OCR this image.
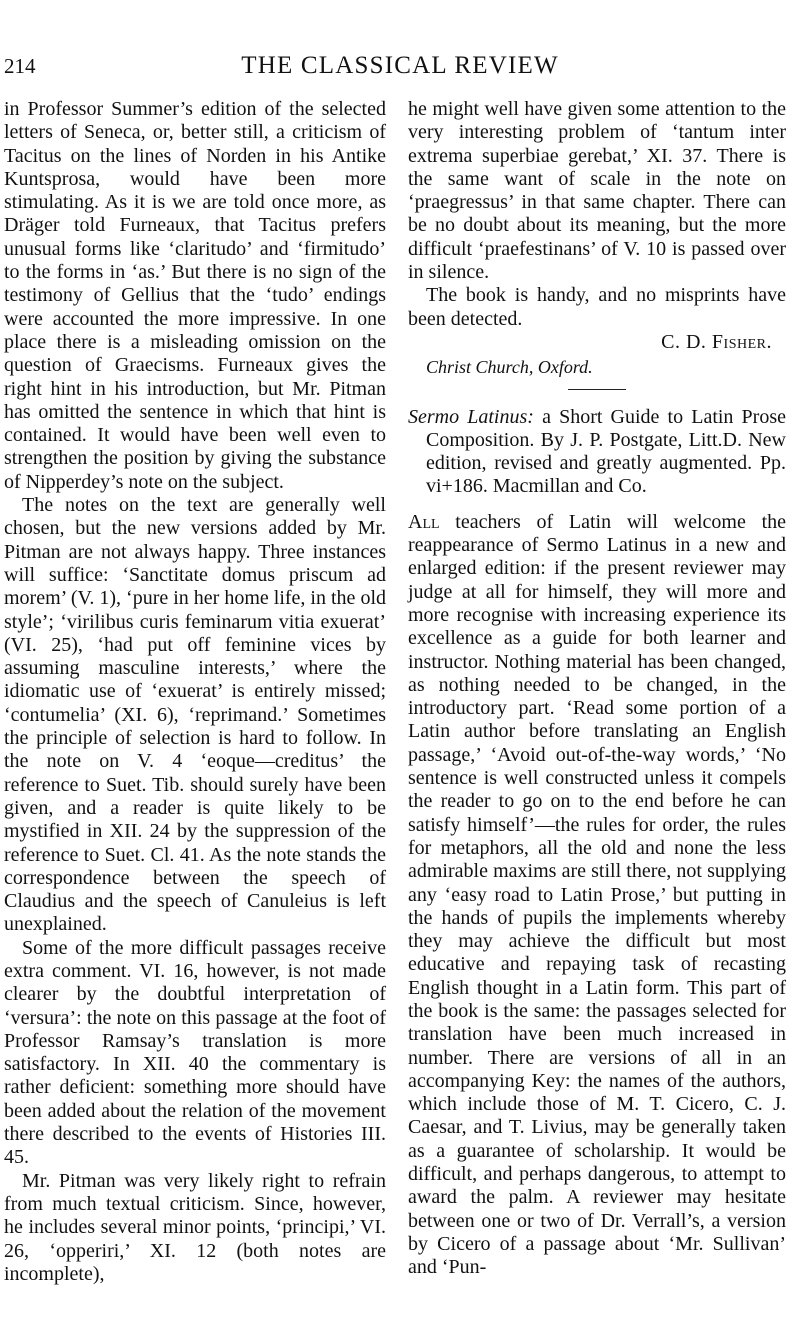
214	THE CLASSICAL REVIEW

in Professor Summer’s edition of the selected letters of Seneca, or, better still, a criticism of Tacitus on the lines of Norden in his Antike Kuntsprosa, would have been more stimulating. As it is we are told once more, as Dräger told Furneaux, that Tacitus prefers unusual forms like ‘claritudo’ and ‘firmitudo’ to the forms in ‘as.’ But there is no sign of the testimony of Gellius that the ‘tudo’ endings were accounted the more impressive. In one place there is a misleading omission on the question of Graecisms. Furneaux gives the right hint in his introduction, but Mr. Pitman has omitted the sentence in which that hint is contained. It would have been well even to strengthen the position by giving the substance of Nipperdey’s note on the subject.

The notes on the text are generally well chosen, but the new versions added by Mr. Pitman are not always happy. Three instances will suffice: ‘Sanctitate domus priscum ad morem’ (V. 1), ‘pure in her home life, in the old style’; ‘virilibus curis feminarum vitia exuerat’ (VI. 25), ‘had put off feminine vices by assuming masculine interests,’ where the idiomatic use of ‘exuerat’ is entirely missed; ‘contumelia’ (XI. 6), ‘reprimand.’ Sometimes the principle of selection is hard to follow. In the note on V. 4 ‘eoque—creditus’ the reference to Suet. Tib. should surely have been given, and a reader is quite likely to be mystified in XII. 24 by the suppression of the reference to Suet. Cl. 41. As the note stands the correspondence between the speech of Claudius and the speech of Canuleius is left unexplained.

Some of the more difficult passages receive extra comment. VI. 16, however, is not made clearer by the doubtful interpretation of ‘versura’: the note on this passage at the foot of Professor Ramsay’s translation is more satisfactory. In XII. 40 the commentary is rather deficient: something more should have been added about the relation of the movement there described to the events of Histories III. 45.

Mr. Pitman was very likely right to refrain from much textual criticism. Since, however, he includes several minor points, ‘principi,’ VI. 26, ‘opperiri,’ XI. 12 (both notes are incomplete),

he might well have given some attention to the very interesting problem of ‘tantum inter extrema superbiae gerebat,’ XI. 37. There is the same want of scale in the note on ‘praegressus’ in that same chapter. There can be no doubt about its meaning, but the more difficult ‘praefestinans’ of V. 10 is passed over in silence.

The book is handy, and no misprints have been detected.

C. D. Fisher.

Christ Church, Oxford.

Sermo Latinus: a Short Guide to Latin Prose Composition. By J. P. Postgate, Litt.D. New edition, revised and greatly augmented. Pp. vi+186. Macmillan and Co.

All teachers of Latin will welcome the reappearance of Sermo Latinus in a new and enlarged edition: if the present reviewer may judge at all for himself, they will more and more recognise with increasing experience its excellence as a guide for both learner and instructor. Nothing material has been changed, as nothing needed to be changed, in the introductory part. ‘Read some portion of a Latin author before translating an English passage,’ ‘Avoid out-of-the-way words,’ ‘No sentence is well constructed unless it compels the reader to go on to the end before he can satisfy himself’—the rules for order, the rules for metaphors, all the old and none the less admirable maxims are still there, not supplying any ‘easy road to Latin Prose,’ but putting in the hands of pupils the implements whereby they may achieve the difficult but most educative and repaying task of recasting English thought in a Latin form. This part of the book is the same: the passages selected for translation have been much increased in number. There are versions of all in an accompanying Key: the names of the authors, which include those of M. T. Cicero, C. J. Caesar, and T. Livius, may be generally taken as a guarantee of scholarship. It would be difficult, and perhaps dangerous, to attempt to award the palm. A reviewer may hesitate between one or two of Dr. Verrall’s, a version by Cicero of a passage about ‘Mr. Sullivan’ and ‘Pun-
